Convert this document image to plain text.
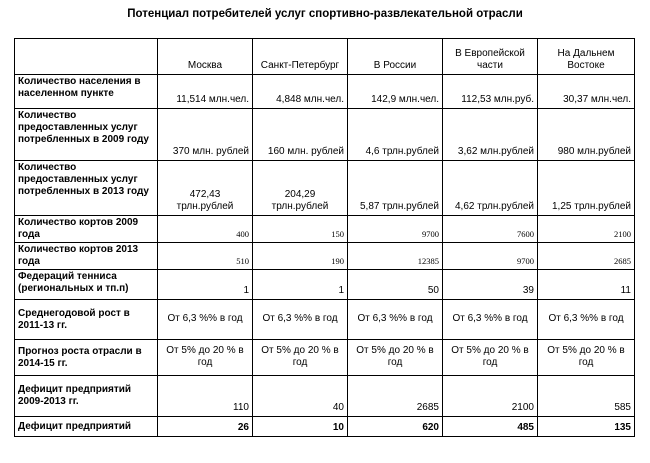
Потенциал потребителей услуг спортивно-развлекательной отрасли
	Москва	Санкт-Петербург	В России	В Европейской части	На Дальнем Востоке
Количество населения в населенном пункте	11,514 млн.чел.	4,848 млн.чел.	142,9 млн.чел.	112,53 млн.руб.	30,37 млн.чел.
Количество предоставленных услуг потребленных в 2009 году	370 млн. рублей	160 млн. рублей	4,6 трлн.рублей	3,62 млн.рублей	980 млн.рублей
Количество предоставленных услуг потребленных в 2013 году	472,43 трлн.рублей	204,29 трлн.рублей	5,87 трлн.рублей	4,62 трлн.рублей	1,25 трлн.рублей
Количество кортов 2009 года	400	150	9700	7600	2100
Количество кортов 2013 года	510	190	12385	9700	2685
Федераций тенниса (региональных и тп.п)	1	1	50	39	11
Среднегодовой рост в 2011-13 гг.	От 6,3 %% в год	От 6,3 %% в год	От 6,3 %% в год	От 6,3 %% в год	От 6,3 %% в год
Прогноз роста отрасли в 2014-15 гг.	От 5% до 20 % в год	От 5% до 20 % в год	От 5% до 20 % в год	От 5% до 20 % в год	От 5% до 20 % в год
Дефицит предприятий 2009-2013 гг.	110	40	2685	2100	585
Дефицит предприятий	26	10	620	485	135
